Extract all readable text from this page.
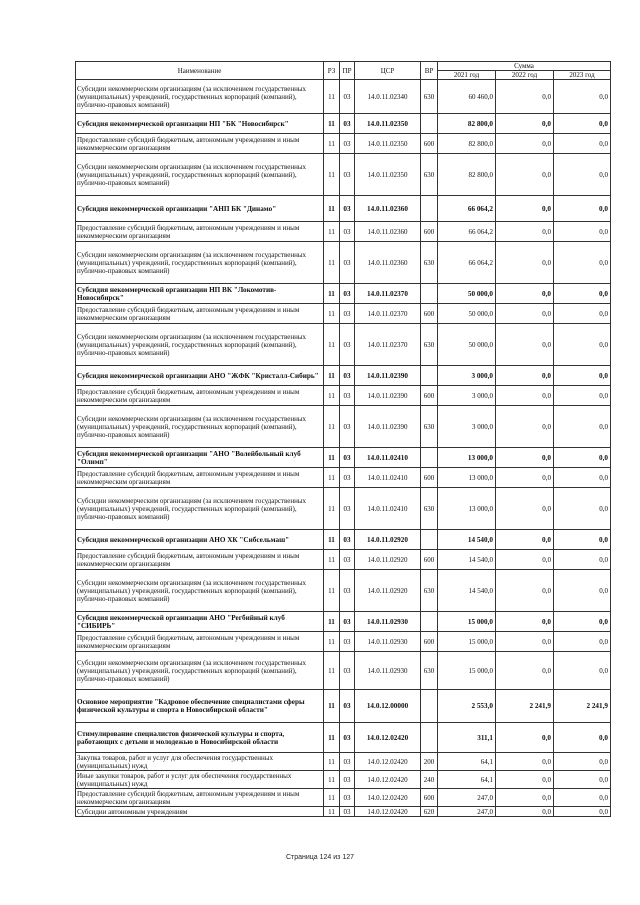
Наименование	РЗ	ПР	ЦСР	ВР	Сумма		
					2021 год	2022 год	2023 год
Субсидии некоммерческим организациям (за исключением государственных (муниципальных) учреждений, государственных корпораций (компаний), публично-правовых компаний)	11	03	14.0.11.02340	630	60 460,0	0,0	0,0
Субсидия некоммерческой организации НП "БК "Новосибирск"	11	03	14.0.11.02350		82 800,0	0,0	0,0
Предоставление субсидий бюджетным, автономным учреждениям и иным некоммерческим организациям	11	03	14.0.11.02350	600	82 800,0	0,0	0,0
Субсидии некоммерческим организациям (за исключением государственных (муниципальных) учреждений, государственных корпораций (компаний), публично-правовых компаний)	11	03	14.0.11.02350	630	82 800,0	0,0	0,0
Субсидия некоммерческой организации "АНП БК "Динамо"	11	03	14.0.11.02360		66 064,2	0,0	0,0
Предоставление субсидий бюджетным, автономным учреждениям и иным некоммерческим организациям	11	03	14.0.11.02360	600	66 064,2	0,0	0,0
Субсидии некоммерческим организациям (за исключением государственных (муниципальных) учреждений, государственных корпораций (компаний), публично-правовых компаний)	11	03	14.0.11.02360	630	66 064,2	0,0	0,0
Субсидия некоммерческой организации НП ВК "Локомотив-Новосибирск"	11	03	14.0.11.02370		50 000,0	0,0	0,0
Предоставление субсидий бюджетным, автономным учреждениям и иным некоммерческим организациям	11	03	14.0.11.02370	600	50 000,0	0,0	0,0
Субсидии некоммерческим организациям (за исключением государственных (муниципальных) учреждений, государственных корпораций (компаний), публично-правовых компаний)	11	03	14.0.11.02370	630	50 000,0	0,0	0,0
Субсидия некоммерческой организации АНО "ЖФК "Кристалл-Сибирь"	11	03	14.0.11.02390		3 000,0	0,0	0,0
Предоставление субсидий бюджетным, автономным учреждениям и иным некоммерческим организациям	11	03	14.0.11.02390	600	3 000,0	0,0	0,0
Субсидии некоммерческим организациям (за исключением государственных (муниципальных) учреждений, государственных корпораций (компаний), публично-правовых компаний)	11	03	14.0.11.02390	630	3 000,0	0,0	0,0
Субсидия некоммерческой организации "АНО "Волейбольный клуб "Олимп"	11	03	14.0.11.02410		13 000,0	0,0	0,0
Предоставление субсидий бюджетным, автономным учреждениям и иным некоммерческим организациям	11	03	14.0.11.02410	600	13 000,0	0,0	0,0
Субсидии некоммерческим организациям (за исключением государственных (муниципальных) учреждений, государственных корпораций (компаний), публично-правовых компаний)	11	03	14.0.11.02410	630	13 000,0	0,0	0,0
Субсидия некоммерческой организации АНО ХК "Сибсельмаш"	11	03	14.0.11.02920		14 540,0	0,0	0,0
Предоставление субсидий бюджетным, автономным учреждениям и иным некоммерческим организациям	11	03	14.0.11.02920	600	14 540,0	0,0	0,0
Субсидии некоммерческим организациям (за исключением государственных (муниципальных) учреждений, государственных корпораций (компаний), публично-правовых компаний)	11	03	14.0.11.02920	630	14 540,0	0,0	0,0
Субсидия некоммерческой организации АНО "Регбийный клуб "СИБИРЬ"	11	03	14.0.11.02930		15 000,0	0,0	0,0
Предоставление субсидий бюджетным, автономным учреждениям и иным некоммерческим организациям	11	03	14.0.11.02930	600	15 000,0	0,0	0,0
Субсидии некоммерческим организациям (за исключением государственных (муниципальных) учреждений, государственных корпораций (компаний), публично-правовых компаний)	11	03	14.0.11.02930	630	15 000,0	0,0	0,0
Основное мероприятие "Кадровое обеспечение специалистами сферы физической культуры и спорта в Новосибирской области"	11	03	14.0.12.00000		2 553,0	2 241,9	2 241,9
Стимулирование специалистов физической культуры и спорта, работающих с детьми и молодежью в Новосибирской области	11	03	14.0.12.02420		311,1	0,0	0,0
Закупка товаров, работ и услуг для обеспечения государственных (муниципальных) нужд	11	03	14.0.12.02420	200	64,1	0,0	0,0
Иные закупки товаров, работ и услуг для обеспечения государственных (муниципальных) нужд	11	03	14.0.12.02420	240	64,1	0,0	0,0
Предоставление субсидий бюджетным, автономным учреждениям и иным некоммерческим организациям	11	03	14.0.12.02420	600	247,0	0,0	0,0
Субсидии автономным учреждениям	11	03	14.0.12.02420	620	247,0	0,0	0,0
Страница 124 из 127
